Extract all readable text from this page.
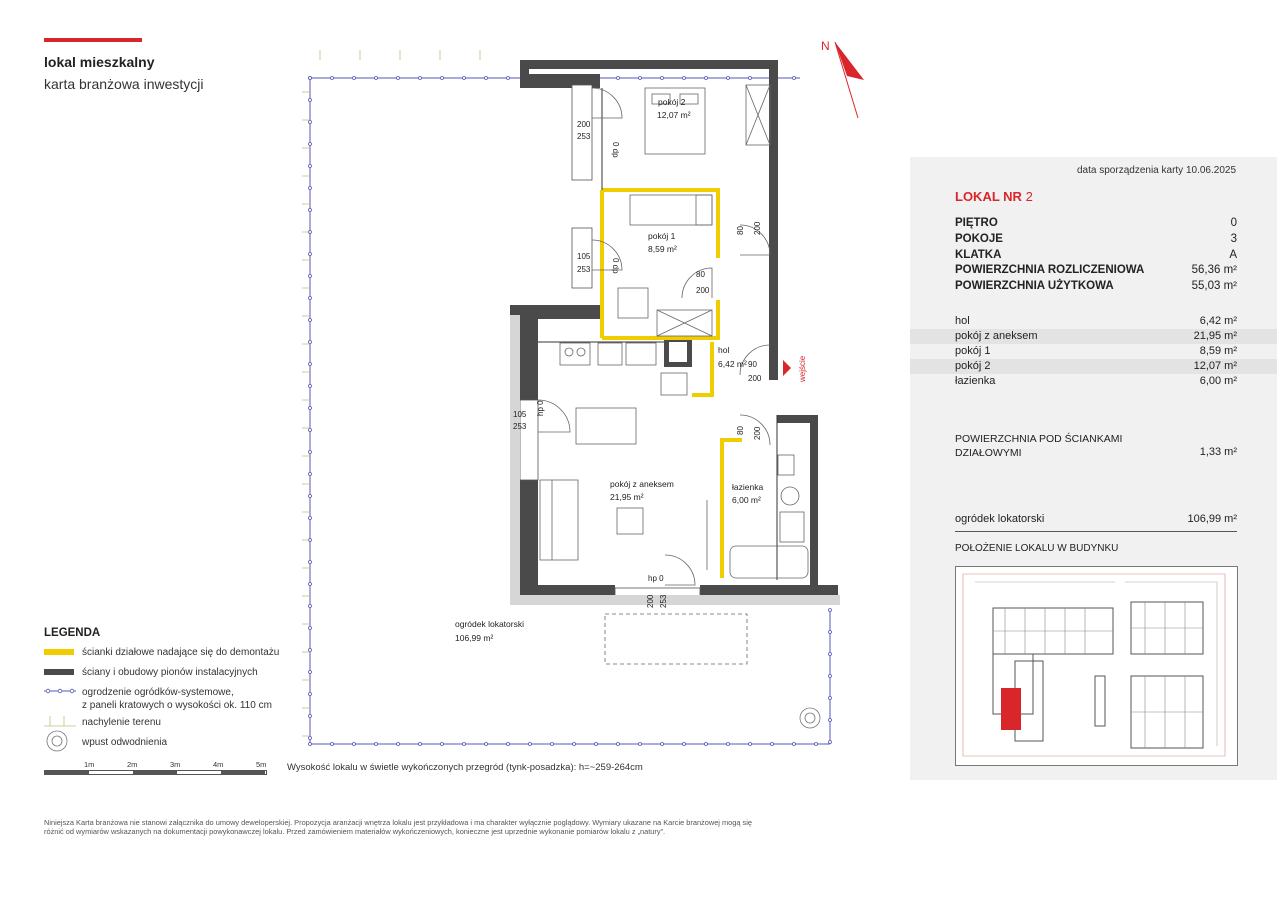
lokal mieszkalny
karta branżowa inwestycji
data sporządzenia karty 10.06.2025
LOKAL NR 2
PIĘTRO	0
POKOJE	3
KLATKA	A
POWIERZCHNIA ROZLICZENIOWA	56,36 m²
POWIERZCHNIA UŻYTKOWA	55,03 m²
hol	6,42 m²
pokój z aneksem	21,95 m²
pokój 1	8,59 m²
pokój 2	12,07 m²
łazienka	6,00 m²
POWIERZCHNIA POD ŚCIANKAMI
DZIAŁOWYMI	1,33 m²
ogródek lokatorski	106,99 m²
POŁOŻENIE LOKALU W BUDYNKU
N
wejście
pokój 2
12,07 m²
pokój 1
8,59 m²
hol
6,42 m²
pokój z aneksem
21,95 m²
łazienka
6,00 m²
ogródek lokatorski
106,99 m²
200
253
105
253
105
253
80
200
90
200
hp 0
80 200
80 200
0 dp
0 dp
hp 0
200 253
LEGENDA
ścianki działowe nadające się do demontażu
ściany i obudowy pionów instalacyjnych
ogrodzenie ogródków-systemowe,
z paneli kratowych o wysokości ok. 110 cm
nachylenie terenu
wpust odwodnienia
1m	2m	3m	4m	5m Wysokość lokalu w świetle wykończonych przegród (tynk-posadzka): h=~259-264cm
Niniejsza Karta branżowa nie stanowi załącznika do umowy deweloperskiej. Propozycja aranżacji wnętrza lokalu jest przykładowa i ma charakter wyłącznie poglądowy. Wymiary ukazane na Karcie branżowej mogą się
różnić od wymiarów wskazanych na dokumentacji powykonawczej lokalu. Przed zamówieniem materiałów wykończeniowych, konieczne jest uprzednie wykonanie pomiarów lokalu z „natury”.
